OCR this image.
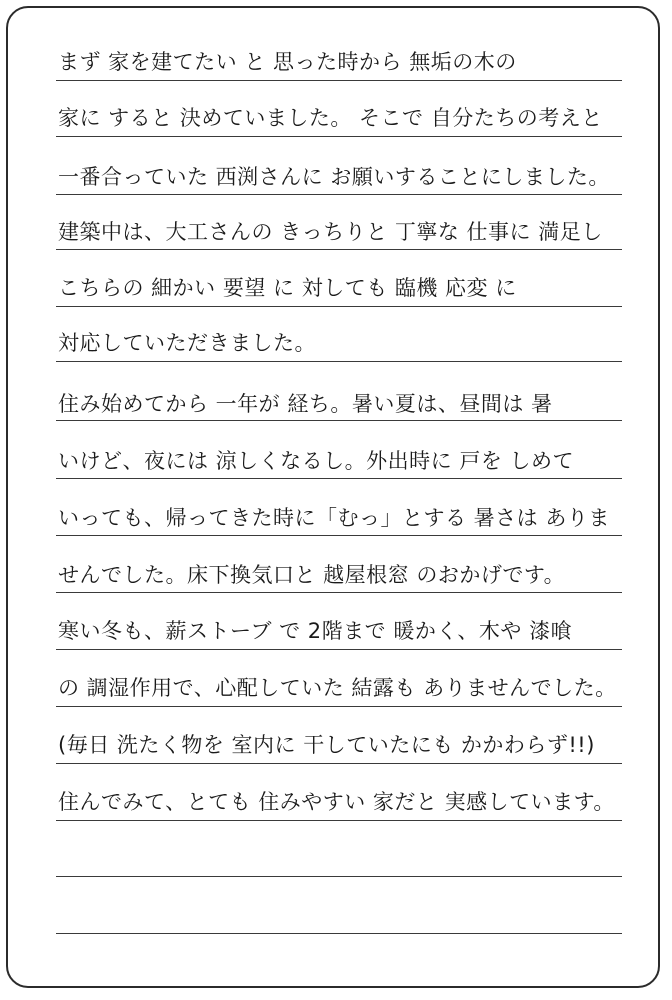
まず 家を建てたい と 思った時から 無垢の木の
家に すると 決めていました。 そこで 自分たちの考えと
一番合っていた 西渕さんに お願いすることにしました。
建築中は、大工さんの きっちりと 丁寧な 仕事に 満足し
こちらの 細かい 要望 に 対しても 臨機 応変 に
対応していただきました。
住み始めてから 一年が 経ち。暑い夏は、昼間は 暑
いけど、夜には 涼しくなるし。外出時に 戸を しめて
いっても、帰ってきた時に「むっ」とする 暑さは ありま
せんでした。床下換気口と 越屋根窓 のおかげです。
寒い冬も、薪ストーブ で 2階まで 暖かく、木や 漆喰
の 調湿作用で、心配していた 結露も ありませんでした。
(毎日 洗たく物を 室内に 干していたにも かかわらず!!)
住んでみて、とても 住みやすい 家だと 実感しています。
